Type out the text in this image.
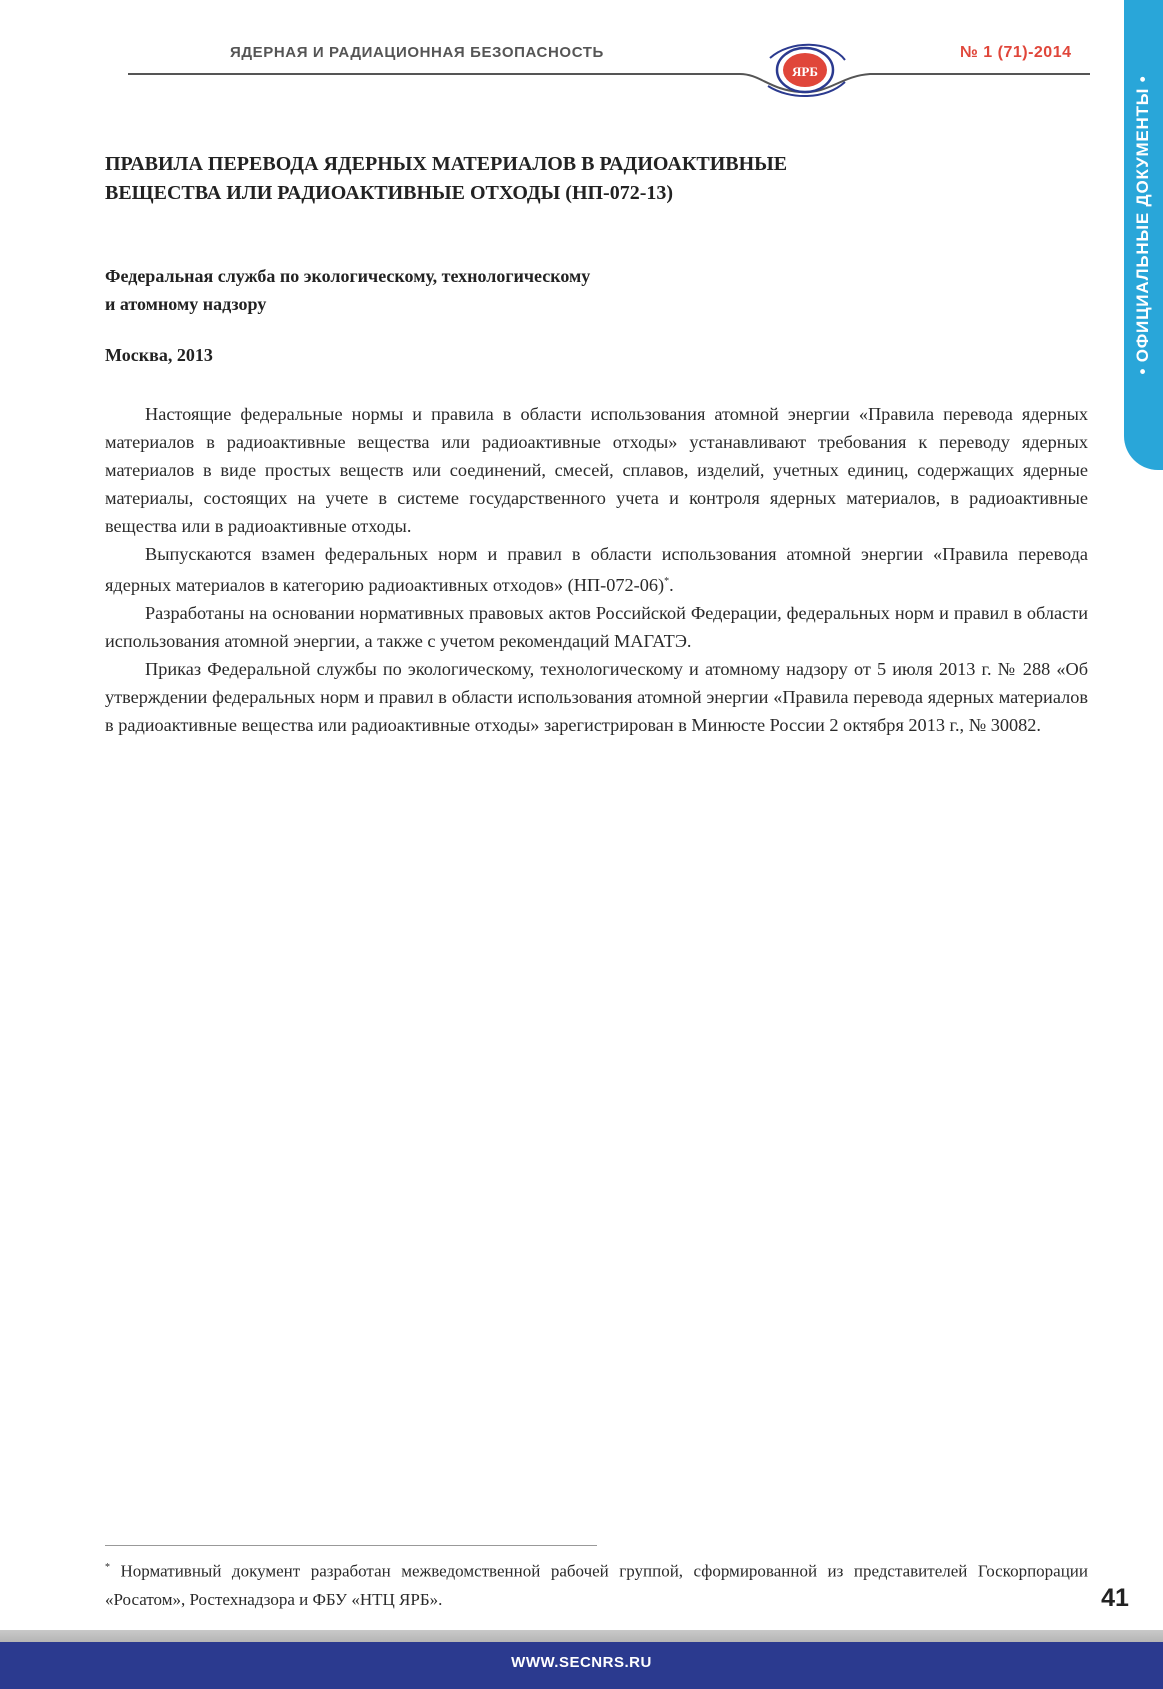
ЯДЕРНАЯ И РАДИАЦИОННАЯ БЕЗОПАСНОСТЬ	№ 1 (71)-2014
ЯРБ
• ОФИЦИАЛЬНЫЕ ДОКУМЕНТЫ •
ПРАВИЛА ПЕРЕВОДА ЯДЕРНЫХ МАТЕРИАЛОВ В РАДИОАКТИВНЫЕ
ВЕЩЕСТВА ИЛИ РАДИОАКТИВНЫЕ ОТХОДЫ (НП-072-13)
Федеральная служба по экологическому, технологическому
и атомному надзору
Москва, 2013

Настоящие федеральные нормы и правила в области использования атомной энергии «Правила перевода ядерных материалов в радиоактивные вещества или радиоактивные отходы» устанавливают требования к переводу ядерных материалов в виде простых веществ или соединений, смесей, сплавов, изделий, учетных единиц, содержащих ядерные материалы, состоящих на учете в системе государственного учета и контроля ядерных материалов, в радиоактивные вещества или в радиоактивные отходы.

Выпускаются взамен федеральных норм и правил в области использования атомной энергии «Правила перевода ядерных материалов в категорию радиоактивных отходов» (НП-072-06)*.

Разработаны на основании нормативных правовых актов Российской Федерации, федеральных норм и правил в области использования атомной энергии, а также с учетом рекомендаций МАГАТЭ.

Приказ Федеральной службы по экологическому, технологическому и атомному надзору от 5 июля 2013 г. № 288 «Об утверждении федеральных норм и правил в области использования атомной энергии «Правила перевода ядерных материалов в радиоактивные вещества или радиоактивные отходы» зарегистрирован в Минюсте России 2 октября 2013 г., № 30082.

* Нормативный документ разработан межведомственной рабочей группой, сформированной из представителей Госкорпорации «Росатом», Ростехнадзора и ФБУ «НТЦ ЯРБ».	41
WWW.SECNRS.RU
